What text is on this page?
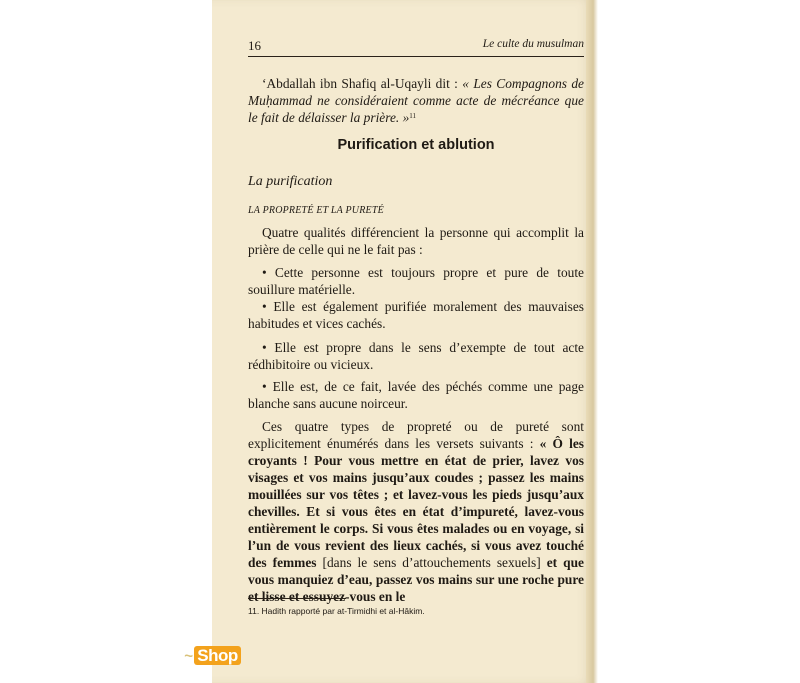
16	Le culte du musulman
‘Abdallah ibn Shafiq al-Uqayli dit : « Les Compagnons de Muḥammad ne considéraient comme acte de mécréance que le fait de délaisser la prière. »$^{11}$
Purification et ablution
La purification
LA PROPRETÉ ET LA PURETÉ
Quatre qualités différencient la personne qui accomplit la prière de celle qui ne le fait pas :
• Cette personne est toujours propre et pure de toute souillure matérielle.
• Elle est également purifiée moralement des mauvaises habitudes et vices cachés.
• Elle est propre dans le sens d’exempte de tout acte rédhibitoire ou vicieux.
• Elle est, de ce fait, lavée des péchés comme une page blanche sans aucune noirceur.
Ces quatre types de propreté ou de pureté sont explicitement énumérés dans les versets suivants : « Ô les croyants ! Pour vous mettre en état de prier, lavez vos visages et vos mains jusqu’aux coudes ; passez les mains mouillées sur vos têtes ; et lavez-vous les pieds jusqu’aux chevilles. Et si vous êtes en état d’impureté, lavez-vous entièrement le corps. Si vous êtes malades ou en voyage, si l’un de vous revient des lieux cachés, si vous avez touché des femmes [dans le sens d’attouchements sexuels] et que vous manquiez d’eau, passez vos mains sur une roche pure et lisse et essuyez-vous en le
11. Hadith rapporté par at-Tirmidhi et al-Hâkim.
~ Shop
